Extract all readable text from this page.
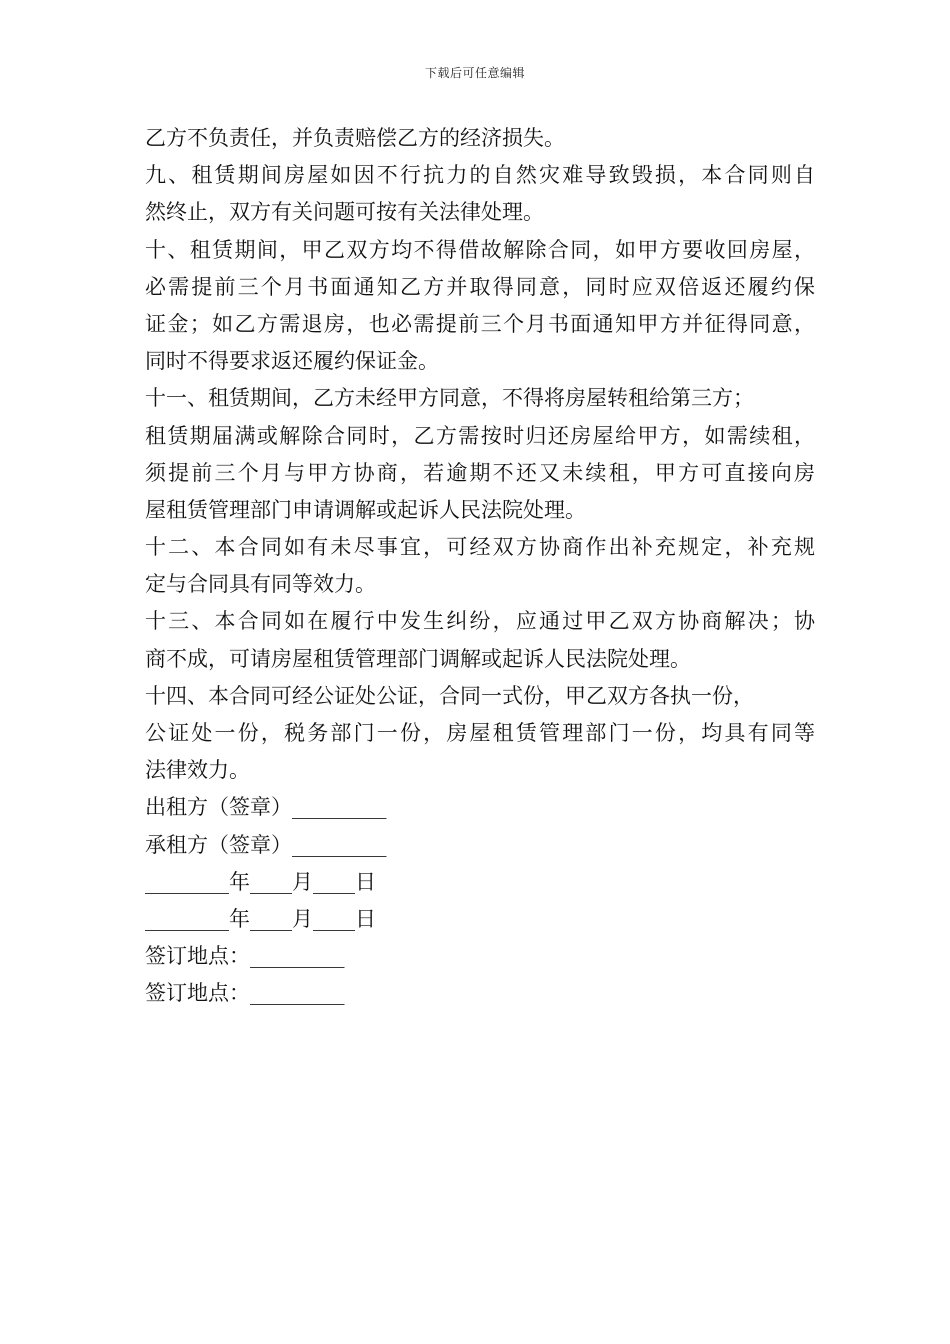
下载后可任意编辑
乙方不负责任，并负责赔偿乙方的经济损失。
九、租赁期间房屋如因不行抗力的自然灾难导致毁损，本合同则自
然终止，双方有关问题可按有关法律处理。
十、租赁期间，甲乙双方均不得借故解除合同，如甲方要收回房屋，
必需提前三个月书面通知乙方并取得同意，同时应双倍返还履约保
证金；如乙方需退房，也必需提前三个月书面通知甲方并征得同意，
同时不得要求返还履约保证金。
十一、租赁期间，乙方未经甲方同意，不得将房屋转租给第三方；
租赁期届满或解除合同时，乙方需按时归还房屋给甲方，如需续租，
须提前三个月与甲方协商，若逾期不还又未续租，甲方可直接向房
屋租赁管理部门申请调解或起诉人民法院处理。
十二、本合同如有未尽事宜，可经双方协商作出补充规定，补充规
定与合同具有同等效力。
十三、本合同如在履行中发生纠纷，应通过甲乙双方协商解决；协
商不成，可请房屋租赁管理部门调解或起诉人民法院处理。
十四、本合同可经公证处公证，合同一式份，甲乙双方各执一份，
公证处一份，税务部门一份，房屋租赁管理部门一份，均具有同等
法律效力。
出租方（签章）_________
承租方（签章）_________
________年____月____日
________年____月____日
签订地点：_________
签订地点：_________
